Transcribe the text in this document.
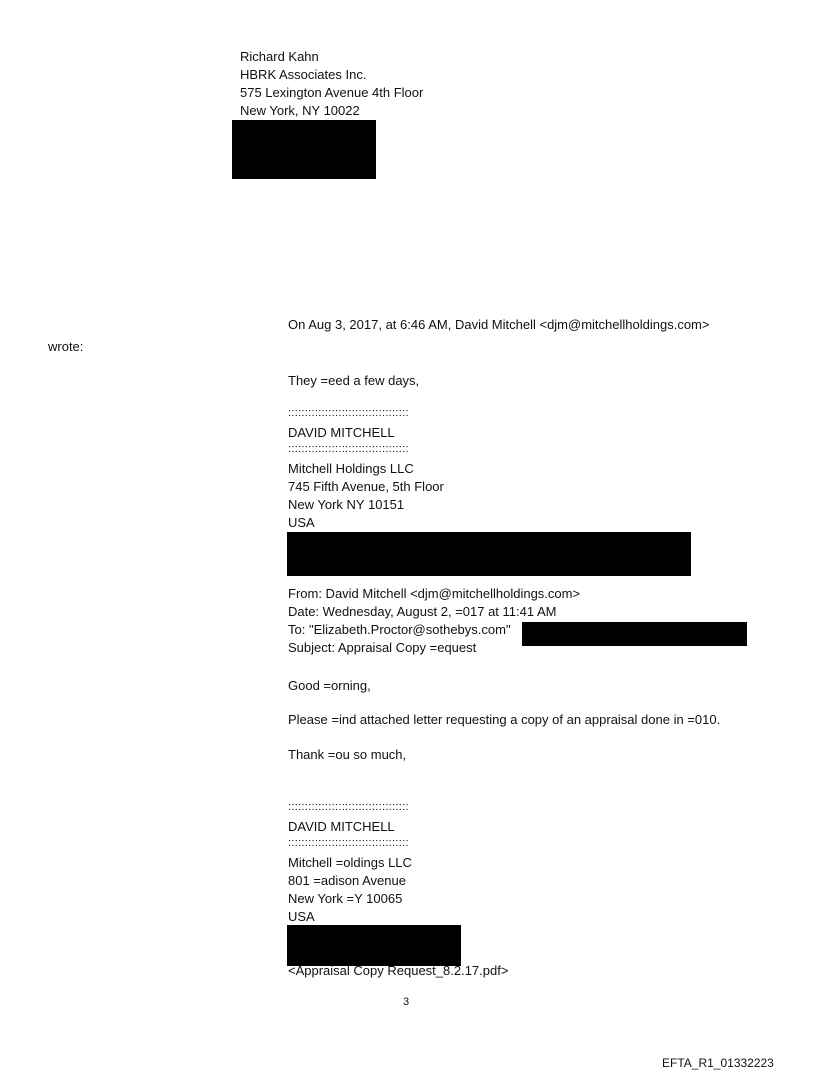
Richard Kahn
HBRK Associates Inc.
575 Lexington Avenue 4th Floor
New York, NY 10022
On Aug 3, 2017, at 6:46 AM, David Mitchell <djm@mitchellholdings.com>
wrote:
They =eed a few days,
::::::::::::::::::::::::::::::::::::
DAVID MITCHELL
::::::::::::::::::::::::::::::::::::
Mitchell Holdings LLC
745 Fifth Avenue, 5th Floor
New York NY 10151
USA
From: David Mitchell <djm@mitchellholdings.com>
Date: Wednesday, August 2, =017 at 11:41 AM
To: "Elizabeth.Proctor@sothebys.com"
Subject: Appraisal Copy =equest
Good =orning,
Please =ind attached letter requesting a copy of an appraisal done in =010.
Thank =ou so much,
::::::::::::::::::::::::::::::::::::
DAVID MITCHELL
::::::::::::::::::::::::::::::::::::
Mitchell =oldings LLC
801 =adison Avenue
New York =Y 10065
USA
<Appraisal Copy Request_8.2.17.pdf>
3
EFTA_R1_01332223
